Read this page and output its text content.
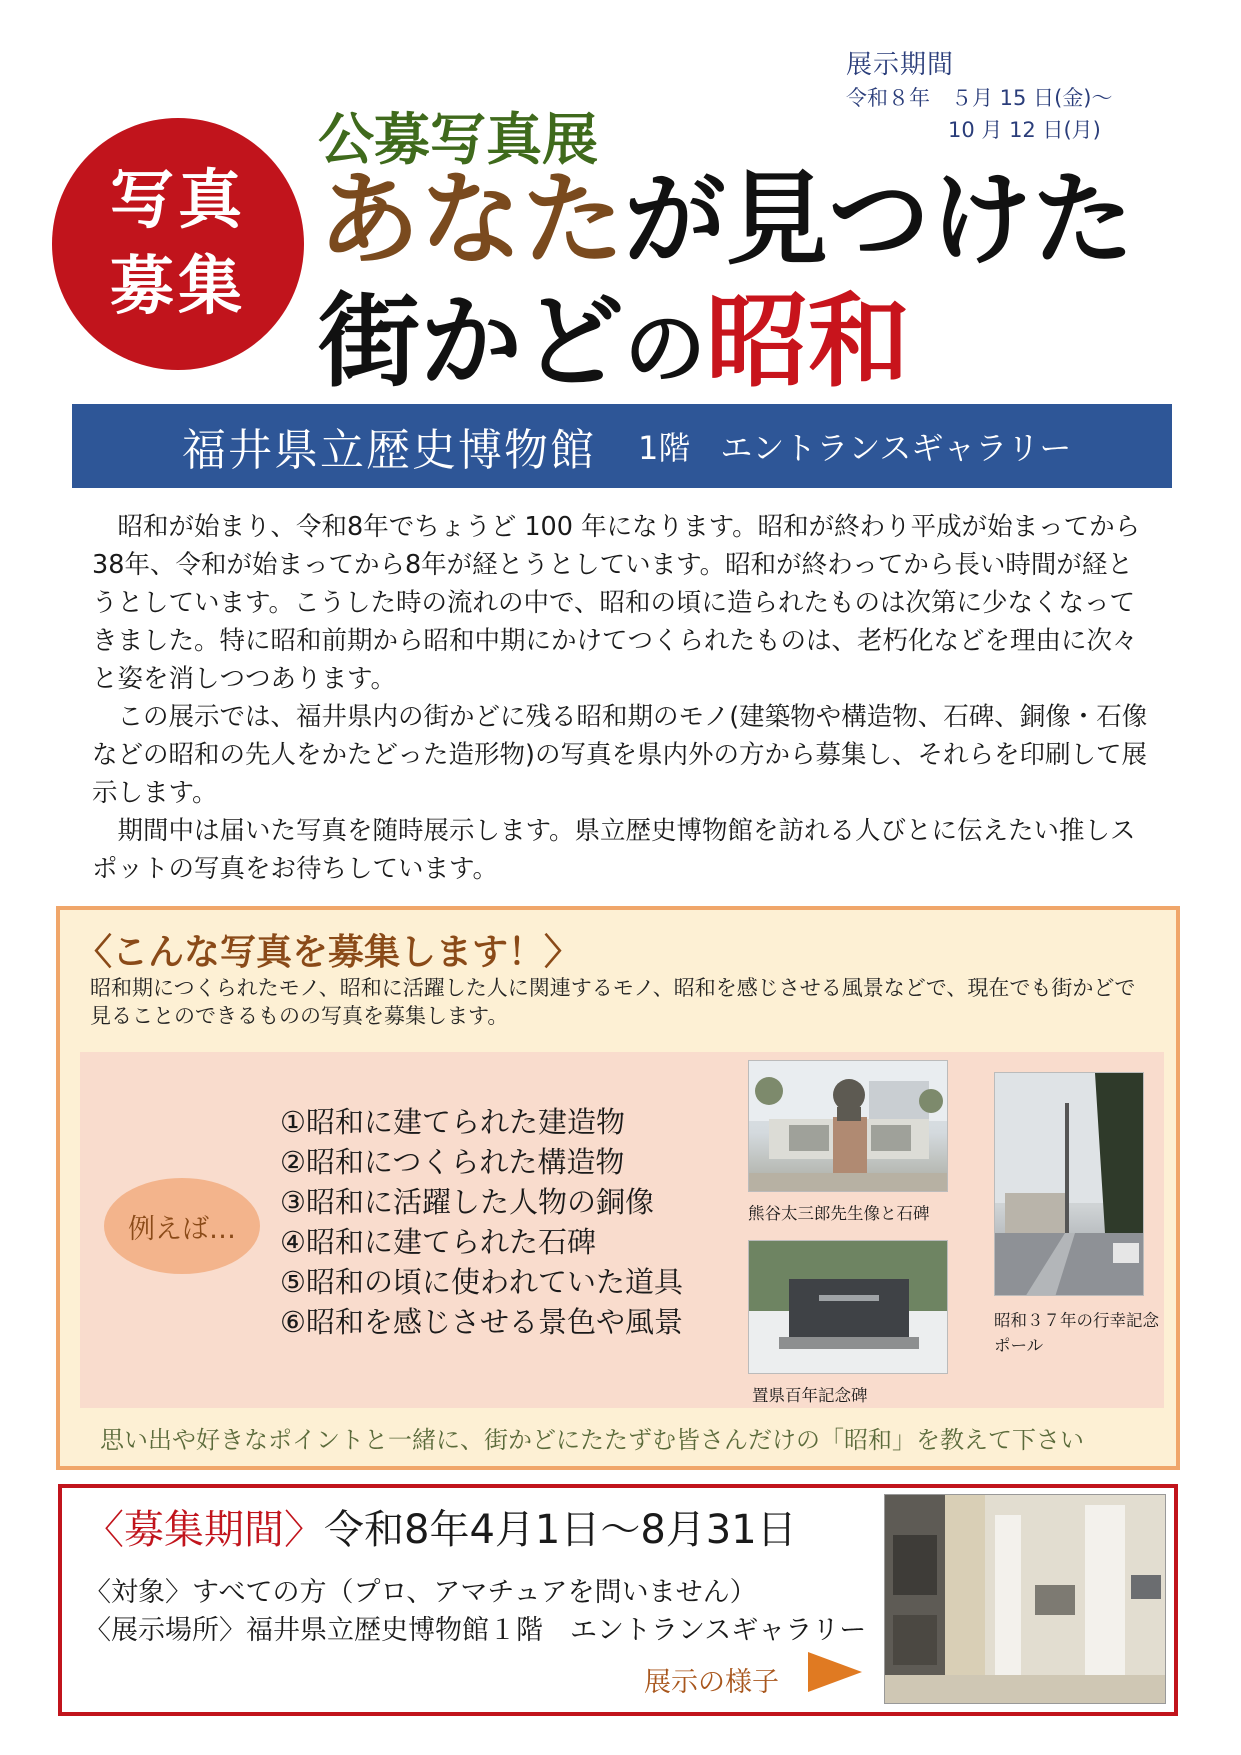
展示期間
令和８年　５月 15 日(金)～
10 月 12 日(月)
写真
募集
公募写真展
あなたが見つけた
街かどの昭和
福井県立歴史博物館 1階 エントランスギャラリー

昭和が始まり、令和8年でちょうど 100 年になります。昭和が終わり平成が始まってから38年、令和が始まってから8年が経とうとしています。昭和が終わってから長い時間が経とうとしています。こうした時の流れの中で、昭和の頃に造られたものは次第に少なくなってきました。特に昭和前期から昭和中期にかけてつくられたものは、老朽化などを理由に次々と姿を消しつつあります。

この展示では、福井県内の街かどに残る昭和期のモノ(建築物や構造物、石碑、銅像・石像などの昭和の先人をかたどった造形物)の写真を県内外の方から募集し、それらを印刷して展示します。

期間中は届いた写真を随時展示します。県立歴史博物館を訪れる人びとに伝えたい推しスポットの写真をお待ちしています。

〈こんな写真を募集します！〉
昭和期につくられたモノ、昭和に活躍した人に関連するモノ、昭和を感じさせる風景などで、現在でも街かどで見ることのできるものの写真を募集します。
例えば…
①昭和に建てられた建造物
②昭和につくられた構造物
③昭和に活躍した人物の銅像
④昭和に建てられた石碑
⑤昭和の頃に使われていた道具
⑥昭和を感じさせる景色や風景
熊谷太三郎先生像と石碑
置県百年記念碑
昭和３７年の行幸記念ポール
思い出や好きなポイントと一緒に、街かどにたたずむ皆さんだけの「昭和」を教えて下さい
〈募集期間〉令和8年4月1日～8月31日
〈対象〉すべての方（プロ、アマチュアを問いません）
〈展示場所〉福井県立歴史博物館１階　エントランスギャラリー
展示の様子
